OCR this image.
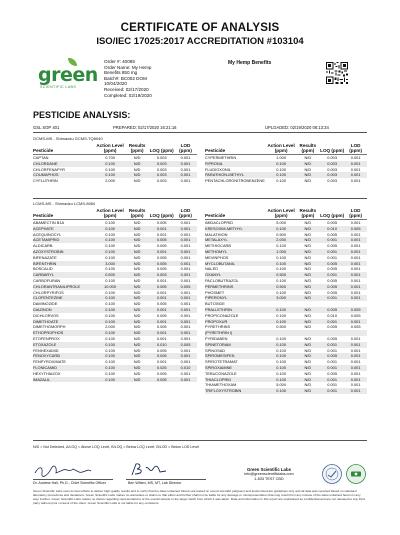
CERTIFICATE OF ANALYSIS
ISO/IEC 17025:2017 ACCREDITATION #103104
green
SCIENTIFIC LABS
Order #: 40085
Order Name: My Hemp
Benefits 850 mg
Batch#: BC002 DOM
10/04/2020
Received: 02/17/2020
Completed: 02/19/2020
My Hemp Benefits
PESTICIDE ANALYSIS:
GSL SOP 401	PREPARED: 02/17/2020 16:21:16	UPLOADED: 02/19/2020 06:13:34
GCMS-MS - Shimadzu GCMS-TQ8040
Pesticide	Action Level (ppm)	Results (ppm)	LOQ (ppm)	LOD (ppm)
CAPTAN	0.700	N/D	0.003	0.001
CHLORDANE	0.100	N/D	0.003	0.001
CHLORFENAPYR	0.100	N/D	0.003	0.001
COUMAPHOS	0.100	N/D	0.003	0.001
CYFLUTHRIN	2.000	N/D	0.003	0.001
Pesticide	Action Level (ppm)	Results (ppm)	LOQ (ppm)	LOD (ppm)
CYPERMETHRIN	1.000	N/D	0.003	0.001
FIPRONIL	0.100	N/D	0.003	0.001
FLUDIOXONIL	0.100	N/D	0.003	0.001
PARATHION-METHYL	0.100	N/D	0.003	0.001
PENTACHLORONITROBENZENE	0.100	N/D	0.003	0.001
LCMS-MS - Shimadzu LCMS-8060
Pesticide	Action Level (ppm)	Results (ppm)	LOQ (ppm)	LOD (ppm)
ABAMECTIN B1A	0.100	N/D	0.005	0.001
ACEPHATE	0.100	N/D	0.001	0.001
ACEQUINOCYL	0.100	N/D	0.001	0.001
ACETAMIPRID	0.100	N/D	0.005	0.001
ALDICARB	0.100	N/D	0.005	0.001
AZOXYSTROBIN	0.100	N/D	0.001	0.001
BIFENAZATE	0.100	N/D	0.005	0.001
BIFENTHRIN	3.000	N/D	0.005	0.001
BOSCALID	0.100	N/D	0.005	0.001
CARBARYL	0.500	N/D	0.003	0.001
CARBOFURAN	0.100	N/D	0.001	0.001
CHLORANTRANILIPROLE	10.000	N/D	0.005	0.005
CHLORPYRIFOS	0.100	N/D	0.001	0.001
CLOFENTEZINE	0.100	N/D	0.001	0.001
DAMINOZIDE	0.100	N/D	0.005	0.001
DIAZINON	0.100	N/D	0.001	0.001
DICHLORVOS	0.100	N/D	0.005	0.001
DIMETHOATE	0.100	N/D	0.001	0.001
DIMETHOMORPH	2.000	N/D	0.005	0.001
ETHOPROPHOS	0.100	N/D	0.001	0.001
ETOFENPROX	0.100	N/D	0.001	0.001
ETOXAZOLE	0.100	N/D	0.010	0.005
FENHEXAMID	0.100	N/D	0.005	0.001
FENOXYCARB	0.100	N/D	0.005	0.001
FENPYROXIMATE	0.100	N/D	0.001	0.001
FLONICAMID	0.100	N/D	0.025	0.010
HEXYTHIAZOX	0.100	N/D	0.005	0.001
IMAZALIL	0.100	N/D	0.005	0.001
Pesticide	Action Level (ppm)	Results (ppm)	LOQ (ppm)	LOD (ppm)
IMIDACLOPRID	5.000	N/D	0.005	0.001
KRESOXIM-METHYL	0.100	N/D	0.010	0.005
MALATHION	0.500	N/D	0.005	0.001
METALAXYL	2.000	N/D	0.001	0.001
METHIOCARB	0.100	N/D	0.005	0.001
METHOMYL	1.000	N/D	0.001	0.001
MEVINPHOS	0.100	N/D	0.001	0.001
MYCLOBUTANIL	0.100	N/D	0.005	0.001
NALED	0.100	N/D	0.005	0.001
OXAMYL	0.500	N/D	0.001	0.001
PACLOBUTRAZOL	0.100	N/D	0.005	0.001
PERMETHRINS	0.500	N/D	0.005	0.001
PHOSMET	0.100	N/D	0.005	0.001
PIPERONYL	3.000	N/D	0.001	0.001
BUTOXIDE				
PRALLETHRIN	0.100	N/D	0.005	0.005
PROPICONAZOLE	0.100	N/D	0.010	0.005
PROPOXUR	0.100	N/D	0.001	0.001
PYRETHRINS	0.500	N/D	0.005	0.005
(PYRETHRIN I)				
PYRIDABEN	0.100	N/D	0.005	0.001
SPINETORAM	0.100	N/D	0.001	0.001
SPINOSAD	0.100	N/D	0.001	0.001
SPIROMESIFEN	0.100	N/D	0.005	0.001
SPIROTETRAMAT	0.100	N/D	0.001	0.001
SPIROXAMINE	0.100	N/D	0.001	0.001
TEBUCONAZOLE	0.100	N/D	0.005	0.001
THIACLOPRID	0.100	N/D	0.001	0.001
THIAMETHOXAM	5.000	N/D	0.001	0.001
TRIFLOXYSTROBIN	0.100	N/D	0.001	0.001
N/D = Not Detected, A/LOQ = Above LOQ Level, B/LOQ = Below LOQ Level, B/LOD = Below LOD Level
Dr. Andrew Hall, Ph.D., Chief Scientific Officer	Ben Witten, MS, MT, Lab Director
Green Scientific Labs
info@greenscientificlabs.com
1-833 TEST CBD
Green Scientific Labs uses its best efforts to deliver high-quality results and to verify that the data contained therein are based on sound scientific judgment and levels listed are guidelines only and all data was reported based on standard laboratory procedures and deviations. Green Scientific Labs makes no warranties or claims to that effect and further shall not be liable for any damage or misrepresentation that may result from any misuse of the data contained herein in any way. Further, Green Scientific Labs makes no claims regarding representations of the overall sample to the larger batch from which it was taken. Data and information in this report are maintained as confidential and are not released to any third party without prior consent of the client. Green Scientific Labs is not liable for any omissions.
